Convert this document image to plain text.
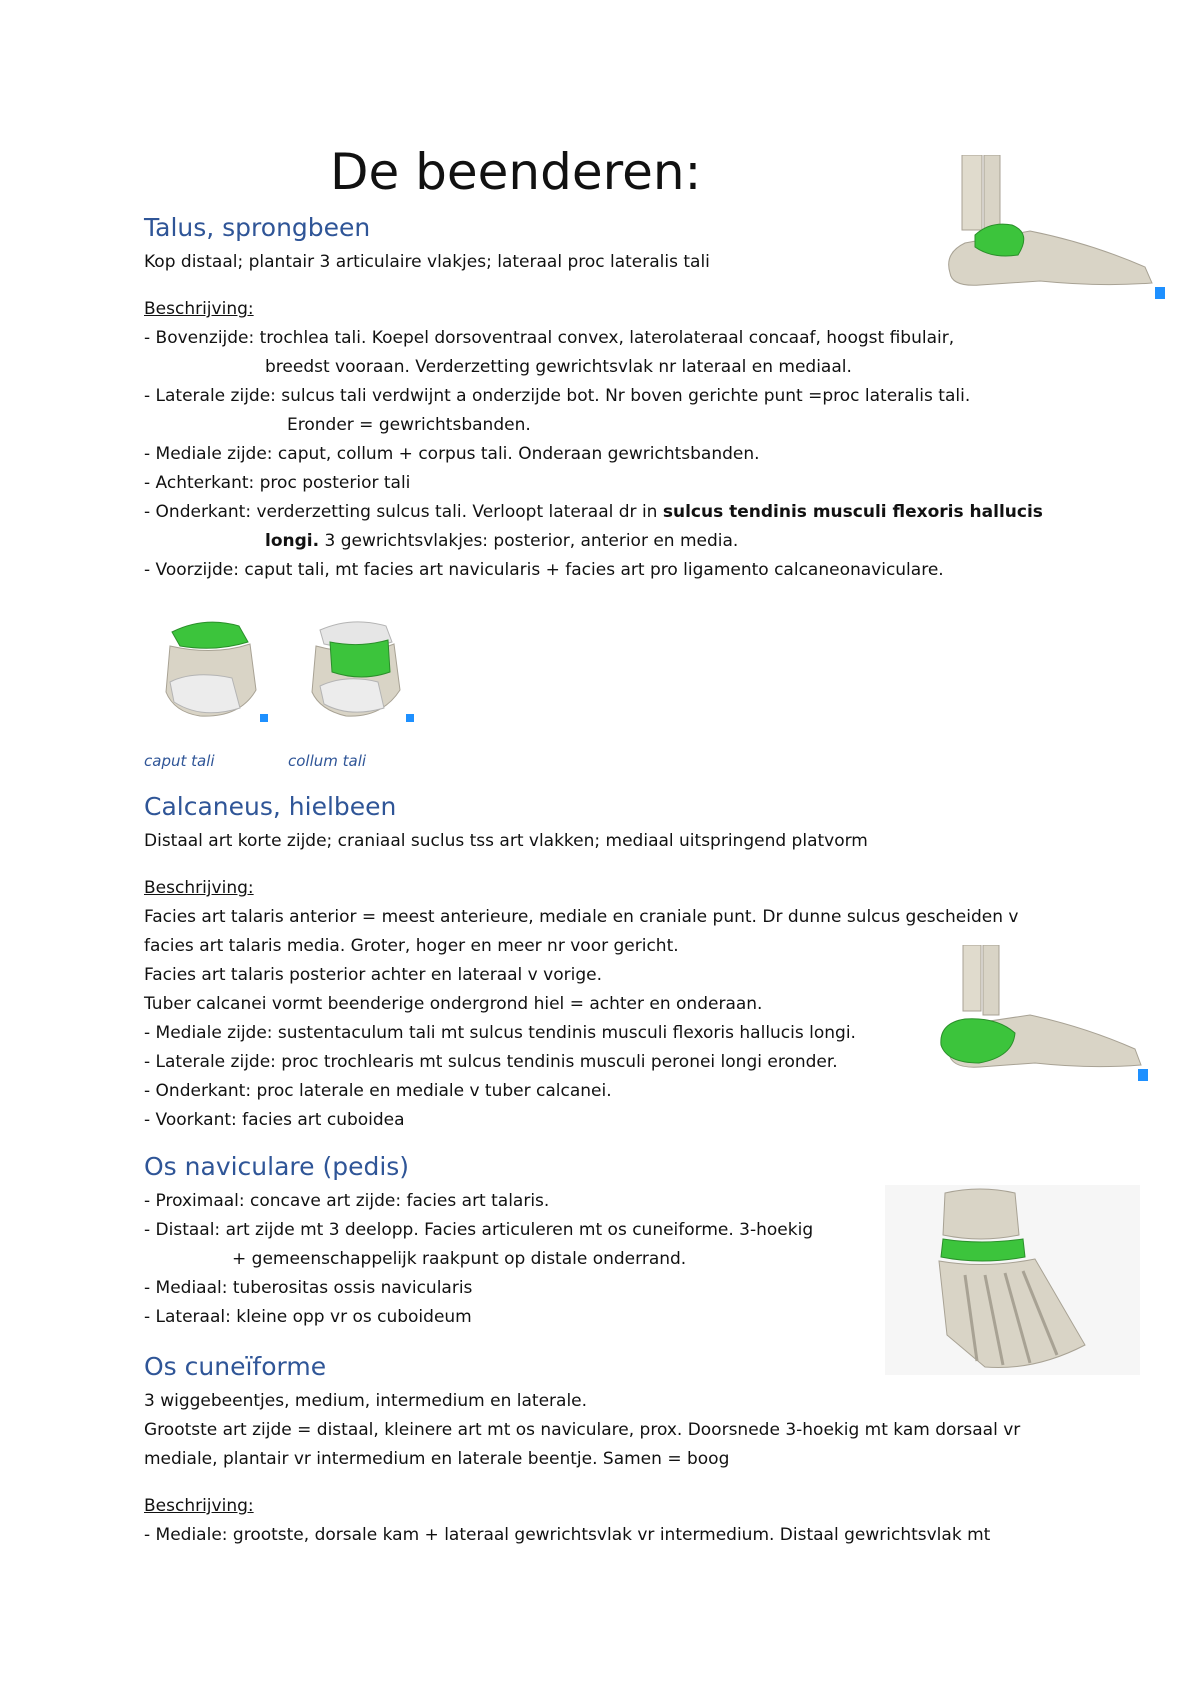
De beenderen:
Talus, sprongbeen

Kop distaal; plantair 3 articulaire vlakjes; lateraal proc lateralis tali

Beschrijving:

- Bovenzijde: trochlea tali. Koepel dorsoventraal convex, laterolateraal concaaf, hoogst fibulair,

breedst vooraan. Verderzetting gewrichtsvlak nr lateraal en mediaal.

- Laterale zijde: sulcus tali verdwijnt a onderzijde bot. Nr boven gerichte punt =proc lateralis tali.

Eronder = gewrichtsbanden.

- Mediale zijde: caput, collum + corpus tali. Onderaan gewrichtsbanden.

- Achterkant: proc posterior tali

- Onderkant: verderzetting sulcus tali. Verloopt lateraal dr in sulcus tendinis musculi flexoris hallucis

longi. 3 gewrichtsvlakjes: posterior, anterior en media.

- Voorzijde: caput tali, mt facies art navicularis + facies art pro ligamento calcaneonaviculare.

caput tali	collum tali

Calcaneus, hielbeen

Distaal art korte zijde; craniaal suclus tss art vlakken; mediaal uitspringend platvorm

Beschrijving:

Facies art talaris anterior = meest anterieure, mediale en craniale punt. Dr dunne sulcus gescheiden v

facies art talaris media. Groter, hoger en meer nr voor gericht.

Facies art talaris posterior achter en lateraal v vorige.

Tuber calcanei vormt beenderige ondergrond hiel = achter en onderaan.

- Mediale zijde: sustentaculum tali mt sulcus tendinis musculi flexoris hallucis longi.

- Laterale zijde: proc trochlearis mt sulcus tendinis musculi peronei longi eronder.

- Onderkant: proc laterale en mediale v tuber calcanei.

- Voorkant: facies art cuboidea

Os naviculare (pedis)

- Proximaal: concave art zijde: facies art talaris.

- Distaal: art zijde mt 3 deelopp. Facies articuleren mt os cuneiforme. 3-hoekig

+ gemeenschappelijk raakpunt op distale onderrand.

- Mediaal: tuberositas ossis navicularis

- Lateraal: kleine opp vr os cuboideum

Os cuneïforme

3 wiggebeentjes, medium, intermedium en laterale.

Grootste art zijde = distaal, kleinere art mt os naviculare, prox. Doorsnede 3-hoekig mt kam dorsaal vr

mediale, plantair vr intermedium en laterale beentje. Samen = boog

Beschrijving:

- Mediale: grootste, dorsale kam + lateraal gewrichtsvlak vr intermedium. Distaal gewrichtsvlak mt
